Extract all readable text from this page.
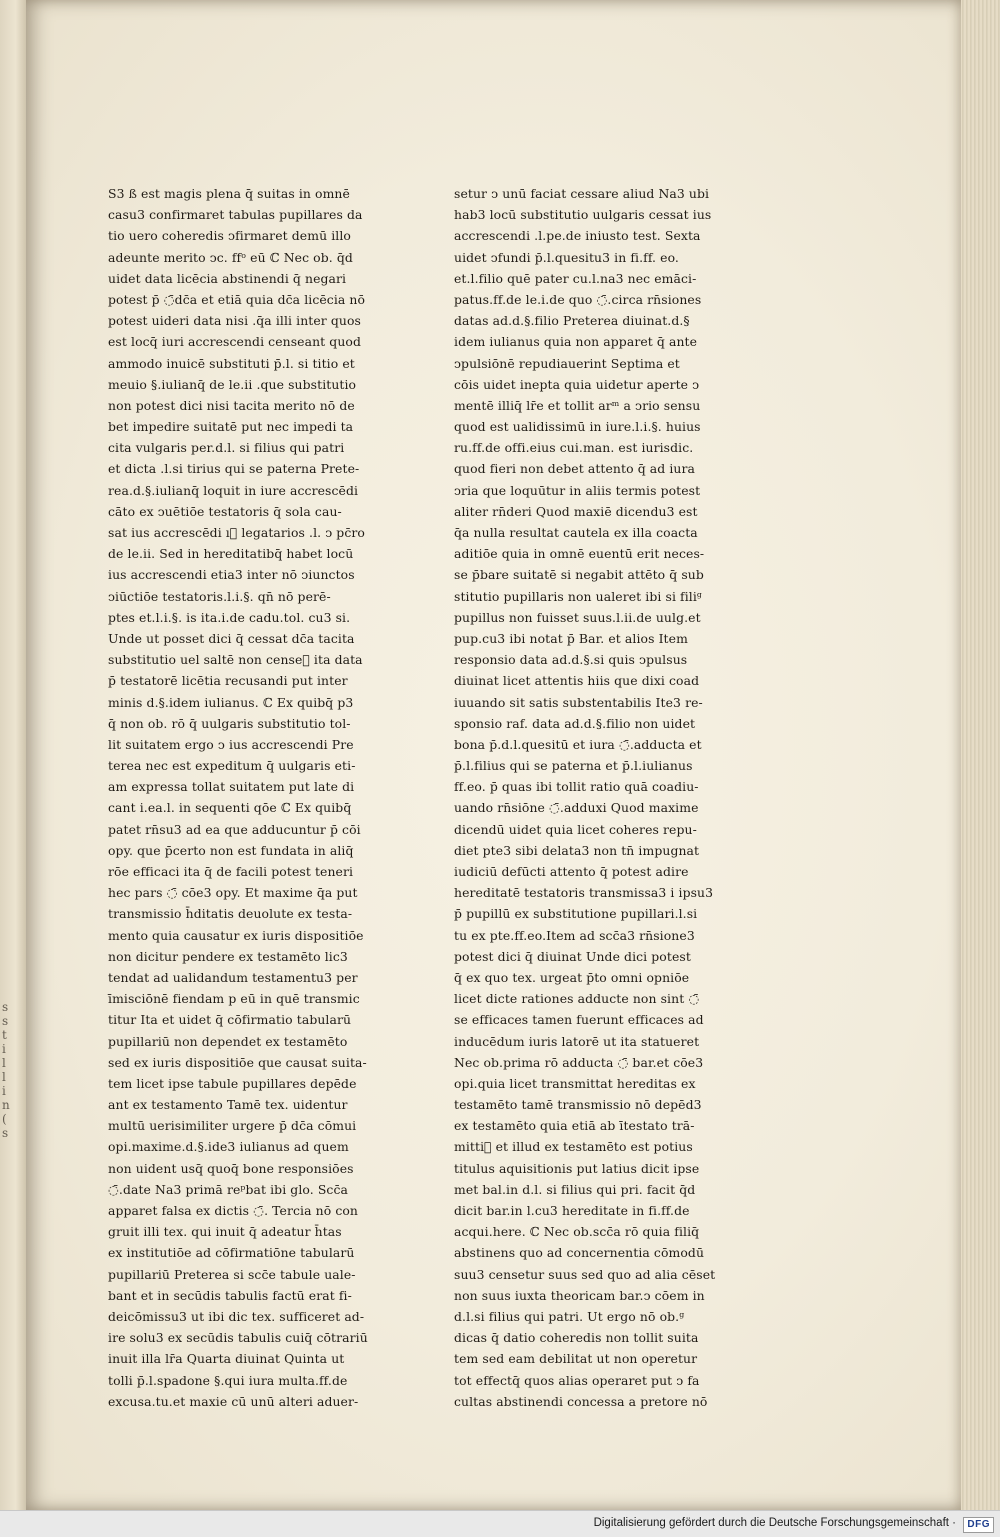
s
s
t
i
l
l
i
n
(
s
S3 ß est magis plena q̄ suitas in omnē
casu3 confirmaret tabulas pupillares da
tio uero coheredis ↄfirmaret demū illo
adeunte merito ↄc. ffᵒ eū ℂ Nec ob. q̄d
uidet data licēcia abstinendi q̄ negari
potest p̄ ◌̄dc̄a et etiā quia dc̄a licēcia nō
potest uideri data nisi .q̄a illi inter quos
est locq̄ iuri accrescendi censeant quod
ammodo inuicē substituti p̄.l. si titio et
meuio §.iulianq̄ de le.ii .que substitutio
non potest dici nisi tacita merito nō de
bet impedire suitatē put nec impedi ta
cita vulgaris per.d.l. si filius qui patri
et dicta .l.si tirius qui se paterna Prete-
rea.d.§.iulianq̄ loquit in iure accrescēdi
cāto ex ↄuētiōe testatoris q̄ sola cau-
sat ius accrescēdi ıᷤ legatarios .l. ↄ pc̄ro
de le.ii. Sed in hereditatibq̄ habet locū
ius accrescendi etia3 inter nō ↄiunctos
ↄiūctiōe testatoris.l.i.§. qn̄ nō perē-
ptes et.l.i.§. is ita.i.de cadu.tol. cu3 si.
Unde ut posset dici q̄ cessat dc̄a tacita
substitutio uel saltē non censeᷤ ita data
p̄ testatorē licētia recusandi put inter
minis d.§.idem iulianus. ℂ Ex quibq̄ p3
q̄ non ob. rō q̄ uulgaris substitutio tol-
lit suitatem ergo ↄ ius accrescendi Pre
terea nec est expeditum q̄ uulgaris eti-
am expressa tollat suitatem put late di
cant i.ea.l. in sequenti qōe ℂ Ex quibq̄
patet rn̄su3 ad ea que adducuntur p̄ cōi
opy. que p̄certo non est fundata in aliq̄
rōe efficaci ita q̄ de facili potest teneri
hec pars ◌̄ cōe3 opy. Et maxime q̄a put
transmissio h̄ditatis deuolute ex testa-
mento quia causatur ex iuris dispositiōe
non dicitur pendere ex testamēto lic3
tendat ad ualidandum testamentu3 per
īmisciōnē fiendam p eū in quē transmic
titur Ita et uidet q̄ cōfirmatio tabularū
pupillariū non dependet ex testamēto
sed ex iuris dispositiōe que causat suita-
tem licet ipse tabule pupillares depēde
ant ex testamento Tamē tex. uidentur
multū uerisimiliter urgere p̄ dc̄a cōmui
opi.maxime.d.§.ide3 iulianus ad quem
non uident usq̄ quoq̄ bone responsiōes
◌̄.date Na3 primā reᵖbat ibi glo. Scc̄a
apparet falsa ex dictis ◌̄. Tercia nō con
gruit illi tex. qui inuit q̄ adeatur h̄tas
ex institutiōe ad cōfirmatiōne tabularū
pupillariū Preterea si scc̄e tabule uale-
bant et in secūdis tabulis factū erat fi-
deicōmissu3 ut ibi dic tex. sufficeret ad-
ire solu3 ex secūdis tabulis cuiq̄ cōtrariū
inuit illa lr̄a Quarta diuinat Quinta ut
tolli p̄.l.spadone §.qui iura multa.ff.de
excusa.tu.et maxie cū unū alteri aduer-
setur ↄ unū faciat cessare aliud Na3 ubi
hab3 locū substitutio uulgaris cessat ius
accrescendi .l.pe.de iniusto test. Sexta
uidet ↄfundi p̄.l.quesitu3 in fi.ff. eo.
et.l.filio quē pater cu.l.na3 nec emāci-
patus.ff.de le.i.de quo ◌̄.circa rn̄siones
datas ad.d.§.filio Preterea diuinat.d.§
idem iulianus quia non apparet q̄ ante
ↄpulsiōnē repudiauerint Septima et
cōis uidet inepta quia uidetur aperte ↄ
mentē illiq̄ lr̄e et tollit arᵐ a ↄrio sensu
quod est ualidissimū in iure.l.i.§. huius
ru.ff.de offi.eius cui.man. est iurisdic.
quod fieri non debet attento q̄ ad iura
ↄria que loquūtur in aliis termis potest
aliter rn̄deri Quod maxiē dicendu3 est
q̄a nulla resultat cautela ex illa coacta
aditiōe quia in omnē euentū erit neces-
se p̄bare suitatē si negabit attēto q̄ sub
stitutio pupillaris non ualeret ibi si filiᵍ
pupillus non fuisset suus.l.ii.de uulg.et
pup.cu3 ibi notat p̄ Bar. et alios Item
responsio data ad.d.§.si quis ↄpulsus
diuinat licet attentis hiis que dixi coad
iuuando sit satis substentabilis Ite3 re-
sponsio raf. data ad.d.§.filio non uidet
bona p̄.d.l.quesitū et iura ◌̄.adducta et
p̄.l.filius qui se paterna et p̄.l.iulianus
ff.eo. p̄ quas ibi tollit ratio quā coadiu-
uando rn̄siōne ◌̄.adduxi Quod maxime
dicendū uidet quia licet coheres repu-
diet pte3 sibi delata3 non tn̄ impugnat
iudiciū defūcti attento q̄ potest adire
hereditatē testatoris transmissa3 i ipsu3
p̄ pupillū ex substitutione pupillari.l.si
tu ex pte.ff.eo.Item ad scc̄a3 rn̄sione3
potest dici q̄ diuinat Unde dici potest
q̄ ex quo tex. urgeat p̄to omni opniōe
licet dicte rationes adducte non sint ◌̄
se efficaces tamen fuerunt efficaces ad
inducēdum iuris latorē ut ita statueret
Nec ob.prima rō adducta ◌̄ bar.et cōe3
opi.quia licet transmittat hereditas ex
testamēto tamē transmissio nō depēd3
ex testamēto quia etiā ab ītestato trā-
mittiᷤ et illud ex testamēto est potius
titulus aquisitionis put latius dicit ipse
met bal.in d.l. si filius qui pri. facit q̄d
dicit bar.in l.cu3 hereditate in fi.ff.de
acqui.here. ℂ Nec ob.scc̄a rō quia filiq̄
abstinens quo ad concernentia cōmodū
suu3 censetur suus sed quo ad alia cēset
non suus iuxta theoricam bar.ↄ cōem in
d.l.si filius qui patri. Ut ergo nō ob.ᵍ
dicas q̄ datio coheredis non tollit suita
tem sed eam debilitat ut non operetur
tot effectq̄ quos alias operaret put ↄ fa
cultas abstinendi concessa a pretore nō
Digitalisierung gefördert durch die Deutsche Forschungsgemeinschaft ·	DFG
